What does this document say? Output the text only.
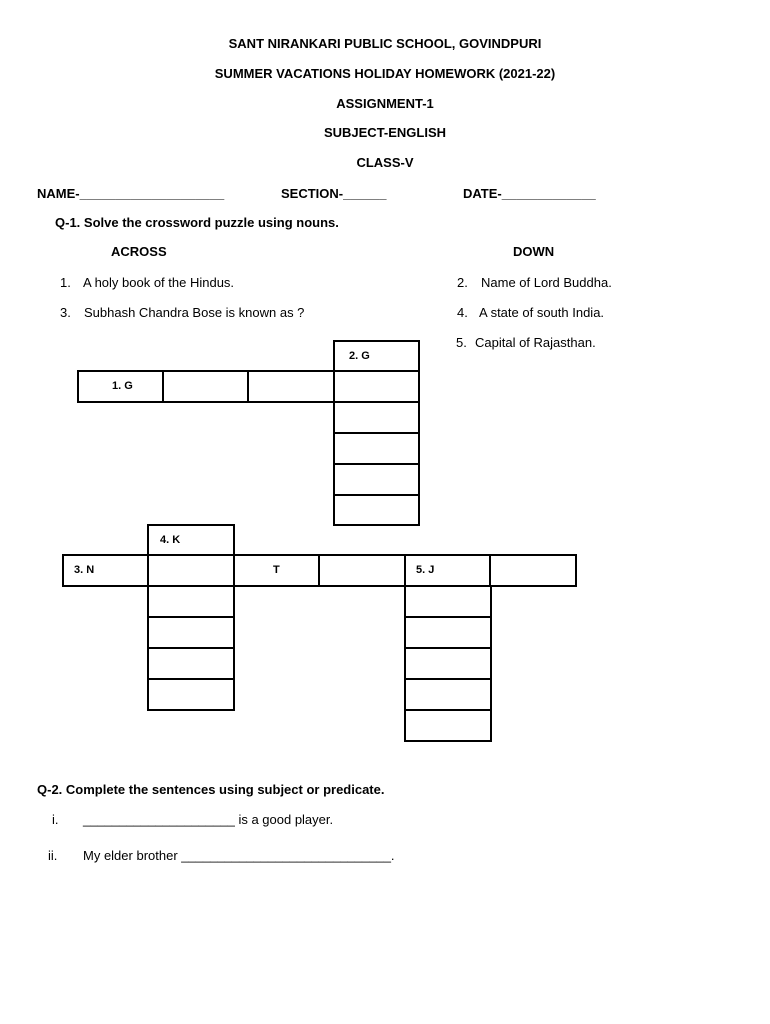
SANT NIRANKARI PUBLIC SCHOOL, GOVINDPURI
SUMMER VACATIONS HOLIDAY HOMEWORK (2021-22)
ASSIGNMENT-1
SUBJECT-ENGLISH
CLASS-V
NAME-____________________	SECTION-______	DATE-_____________
Q-1. Solve the crossword puzzle using nouns.
ACROSS	DOWN
1. A holy book of the Hindus.	2. Name of Lord Buddha.
3. Subhash Chandra Bose is known as ?	4. A state of south India.
5. Capital of Rajasthan.
2. G
1. G
4. K
3. N	T	5. J
Q-2. Complete the sentences using subject or predicate.
i. _____________________ is a good player.
ii. My elder brother _____________________________.
